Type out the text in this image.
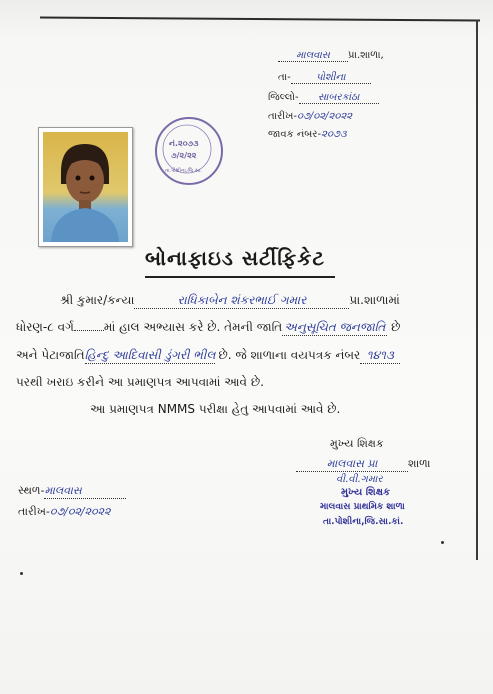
માલવાસ પ્રા.શાળા,
તા-	પોશીના
જિલ્લો- સાબરકાંઠા
તારીખ-૦૭/૦૨/૨૦૨૨
જાવક નંબર-૨૦૭૩
નં.૨૦૭૩
૭/૨/૨૨
તા.પોશીના,જિ.સા.
બોનાફાઇડ સર્ટીફિકેટ
શ્રી કુમાર/કન્યા	રાધિકાબેન શંકરભાઈ ગમાર	પ્રા.શાળામાં
ધોરણ-૮ વર્ગ	માં હાલ અભ્યાસ કરે છે. તેમની જાતિ અનુસૂચિત જનજાતિ છે
અને પેટાજાતિહિન્દુ આદિવાસી ડુંગરી ભીલ છે. જે શાળાના વયપત્રક નંબર ૧૪૧૩
પરથી ખરાઇ કરીને આ પ્રમાણપત્ર આપવામાં આવે છે.
આ પ્રમાણપત્ર NMMS પરીક્ષા હેતુ આપવામાં આવે છે.
મુખ્ય શિક્ષક
માલવાસ પ્રા	શાળા
વી.વી.ગમાર
મુખ્ય શિક્ષક
માલવાસ પ્રાથમિક શાળા
તા.પોશીના,જિ.સા.કાં.
સ્થળ-માલવાસ
તારીખ-૦૭/૦૨/૨૦૨૨
